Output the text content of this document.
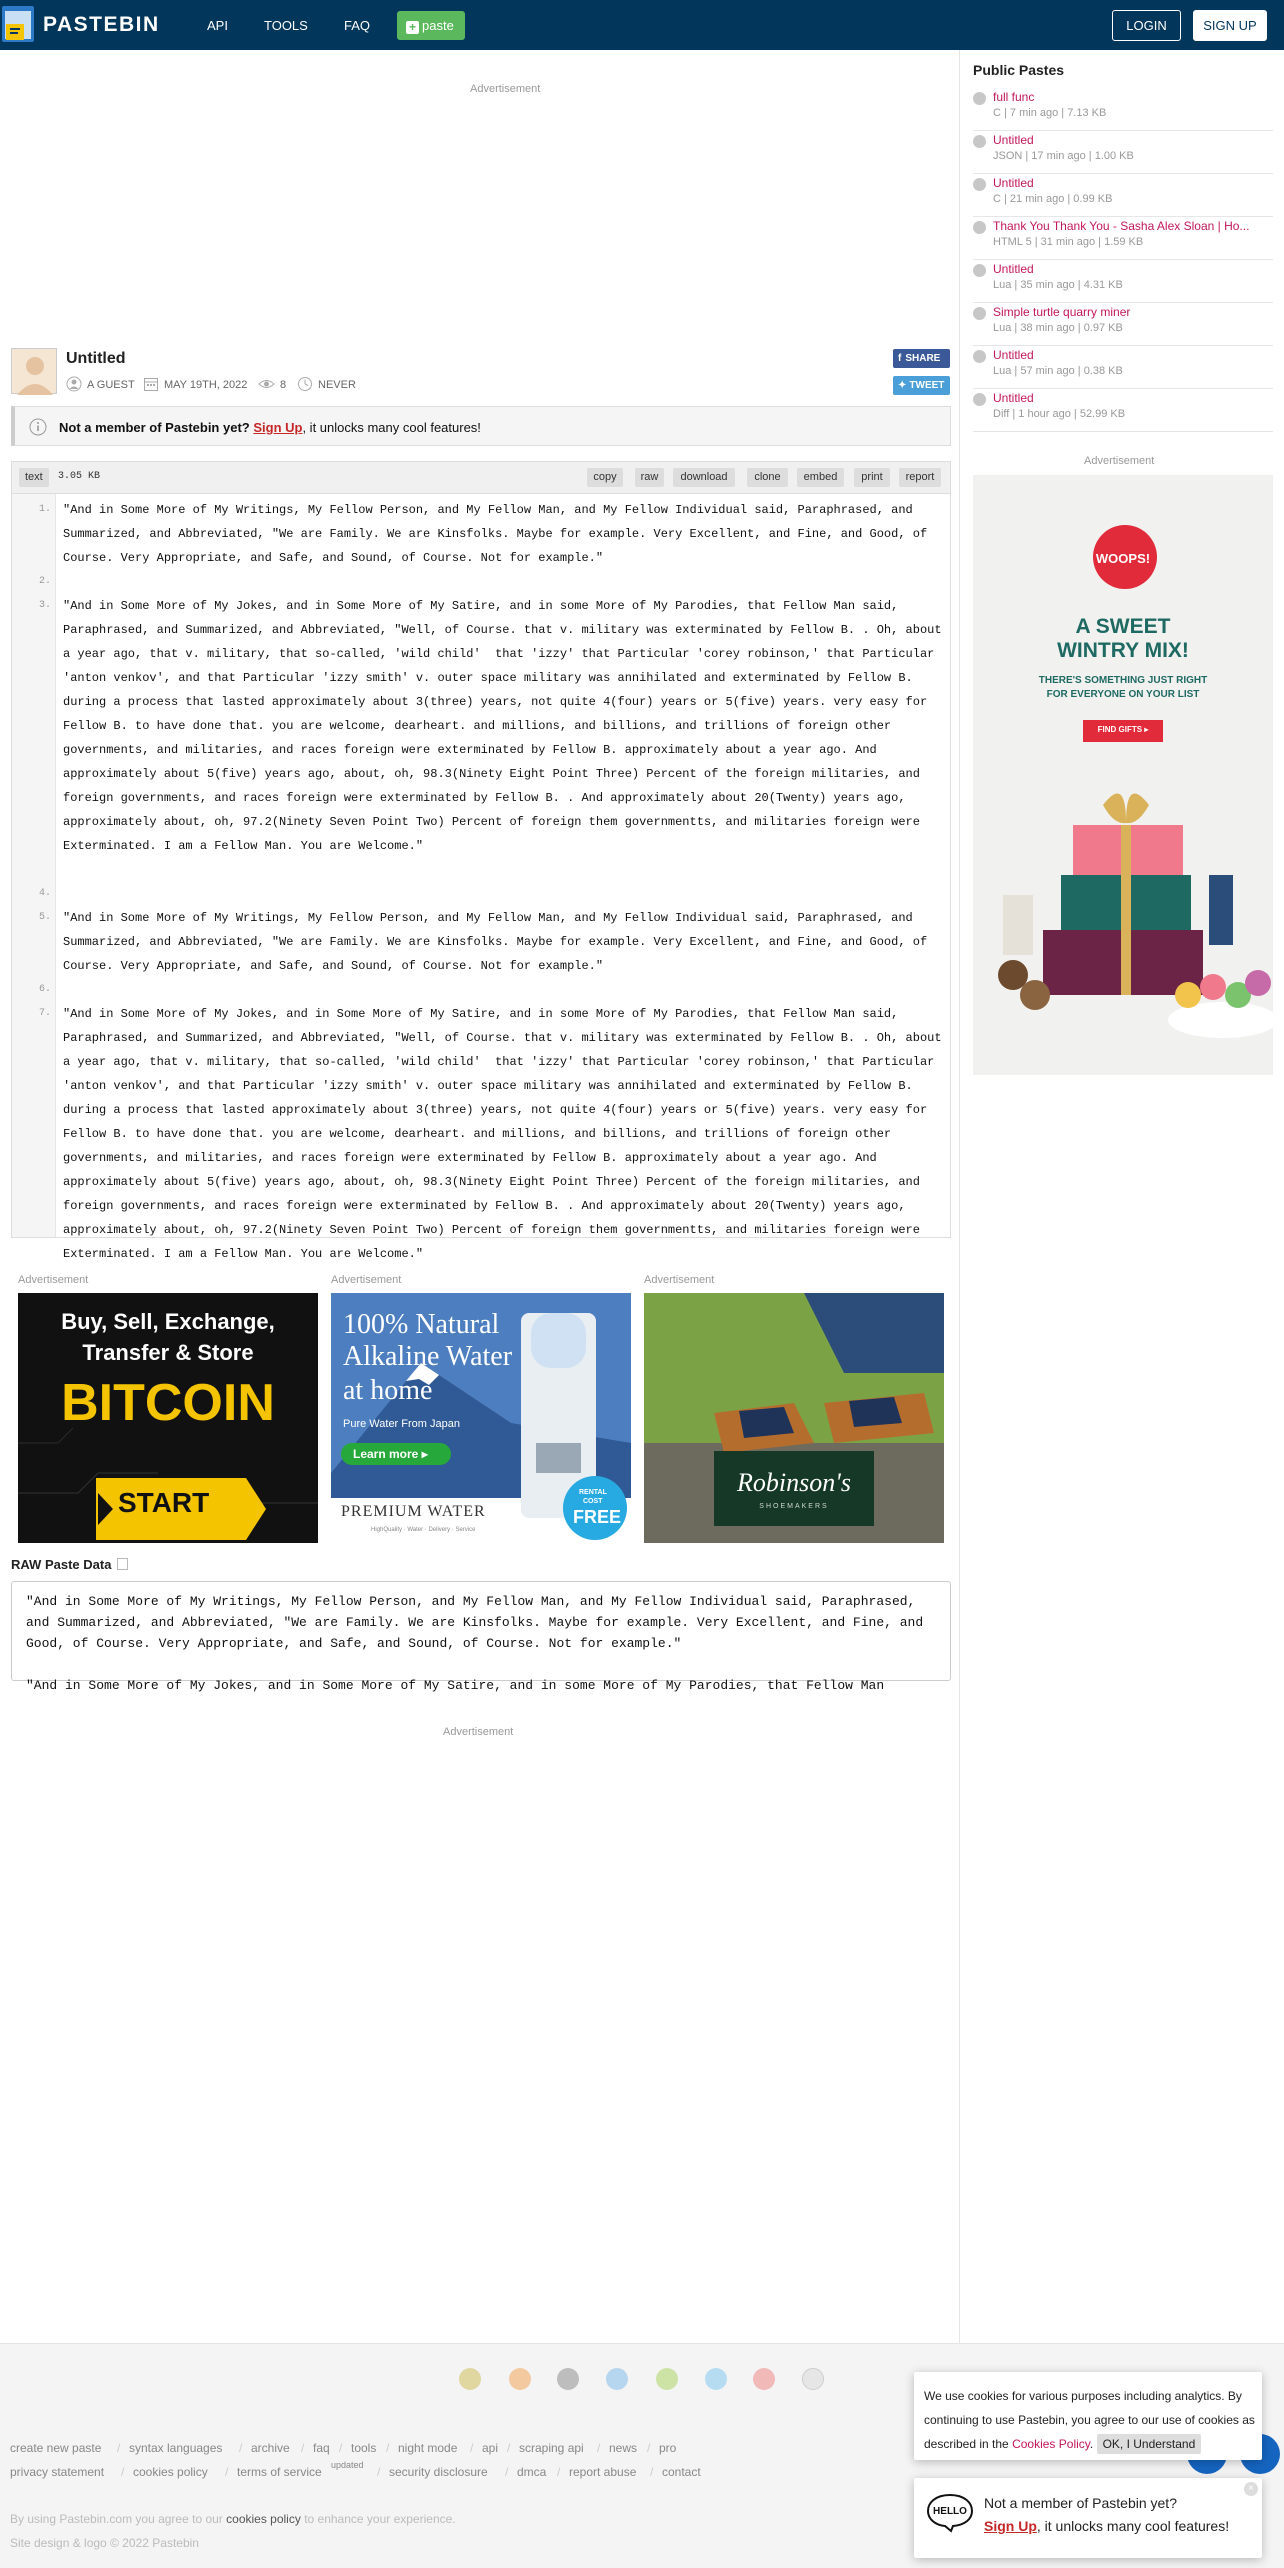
PASTEBIN	API	TOOLS	FAQ	+ paste	LOGIN	SIGN UP
Advertisement
Untitled
A GUEST	MAY 19TH, 2022	8	NEVER
f SHARE
✦ TWEET
Not a member of Pastebin yet? Sign Up, it unlocks many cool features!
text	3.05 KB	copy	raw	download	clone	embed	print	report
1. "And in Some More of My Writings, My Fellow Person, and My Fellow Man, and My Fellow Individual said, Paraphrased, and Summarized, and Abbreviated, "We are Family. We are Kinsfolks. Maybe for example. Very Excellent, and Fine, and Good, of Course. Very Appropriate, and Safe, and Sound, of Course. Not for example."
2.
3. "And in Some More of My Jokes, and in Some More of My Satire, and in some More of My Parodies, that Fellow Man said, Paraphrased, and Summarized, and Abbreviated, "Well, of Course. that v. military was exterminated by Fellow B. . Oh, about a year ago, that v. military, that so-called, 'wild child'  that 'izzy' that Particular 'corey robinson,' that Particular 'anton venkov', and that Particular 'izzy smith' v. outer space military was annihilated and exterminated by Fellow B. during a process that lasted approximately about 3(three) years, not quite 4(four) years or 5(five) years. very easy for Fellow B. to have done that. you are welcome, dearheart. and millions, and billions, and trillions of foreign other governments, and militaries, and races foreign were exterminated by Fellow B. approximately about a year ago. And approximately about 5(five) years ago, about, oh, 98.3(Ninety Eight Point Three) Percent of the foreign militaries, and  foreign governments, and races foreign were exterminated by Fellow B. . And approximately about 20(Twenty) years ago, approximately about, oh, 97.2(Ninety Seven Point Two) Percent of foreign them governmentts, and militaries foreign were Exterminated. I am a Fellow Man. You are Welcome."
4.
5. "And in Some More of My Writings, My Fellow Person, and My Fellow Man, and My Fellow Individual said, Paraphrased, and Summarized, and Abbreviated, "We are Family. We are Kinsfolks. Maybe for example. Very Excellent, and Fine, and Good, of Course. Very Appropriate, and Safe, and Sound, of Course. Not for example."
6.
7. "And in Some More of My Jokes, and in Some More of My Satire, and in some More of My Parodies, that Fellow Man said, Paraphrased, and Summarized, and Abbreviated, "Well, of Course. that v. military was exterminated by Fellow B. . Oh, about a year ago, that v. military, that so-called, 'wild child'  that 'izzy' that Particular 'corey robinson,' that Particular 'anton venkov', and that Particular 'izzy smith' v. outer space military was annihilated and exterminated by Fellow B. during a process that lasted approximately about 3(three) years, not quite 4(four) years or 5(five) years. very easy for Fellow B. to have done that. you are welcome, dearheart. and millions, and billions, and trillions of foreign other governments, and militaries, and races foreign were exterminated by Fellow B. approximately about a year ago. And approximately about 5(five) years ago, about, oh, 98.3(Ninety Eight Point Three) Percent of the foreign militaries, and  foreign governments, and races foreign were exterminated by Fellow B. . And approximately about 20(Twenty) years ago, approximately about, oh, 97.2(Ninety Seven Point Two) Percent of foreign them governmentts, and militaries foreign were Exterminated. I am a Fellow Man. You are Welcome."
Advertisement	Advertisement	Advertisement
Buy, Sell, Exchange,
Transfer & Store
BITCOIN
START
100% Natural
Alkaline Water
at home
Pure Water From Japan
Learn more ▸
PREMIUM WATER
HighQuality · Water · Delivery · Service
RENTAL
COST
FREE
Robinson's
SHOEMAKERS
RAW Paste Data
"And in Some More of My Writings, My Fellow Person, and My Fellow Man, and My Fellow Individual said, Paraphrased, and Summarized, and Abbreviated, "We are Family. We are Kinsfolks. Maybe for example. Very Excellent, and Fine, and Good, of Course. Very Appropriate, and Safe, and Sound, of Course. Not for example."

"And in Some More of My Jokes, and in Some More of My Satire, and in some More of My Parodies, that Fellow Man
Advertisement
Public Pastes
full func
C | 7 min ago | 7.13 KB
Untitled
JSON | 17 min ago | 1.00 KB
Untitled
C | 21 min ago | 0.99 KB
Thank You Thank You - Sasha Alex Sloan | Ho...
HTML 5 | 31 min ago | 1.59 KB
Untitled
Lua | 35 min ago | 4.31 KB
Simple turtle quarry miner
Lua | 38 min ago | 0.97 KB
Untitled
Lua | 57 min ago | 0.38 KB
Untitled
Diff | 1 hour ago | 52.99 KB
Advertisement
WOOPS!
A SWEET
WINTRY MIX!
THERE'S SOMETHING JUST RIGHT
FOR EVERYONE ON YOUR LIST
FIND GIFTS ▸
create new paste / syntax languages / archive / faq / tools / night mode / api / scraping api / news / pro
privacy statement / cookies policy / terms of service updated / security disclosure / dmca / report abuse / contact
By using Pastebin.com you agree to our cookies policy to enhance your experience.
Site design & logo © 2022 Pastebin
We use cookies for various purposes including analytics. By continuing to use Pastebin, you agree to our use of cookies as described in the Cookies Policy. OK, I Understand
HELLO
Not a member of Pastebin yet?
Sign Up, it unlocks many cool features!
×
